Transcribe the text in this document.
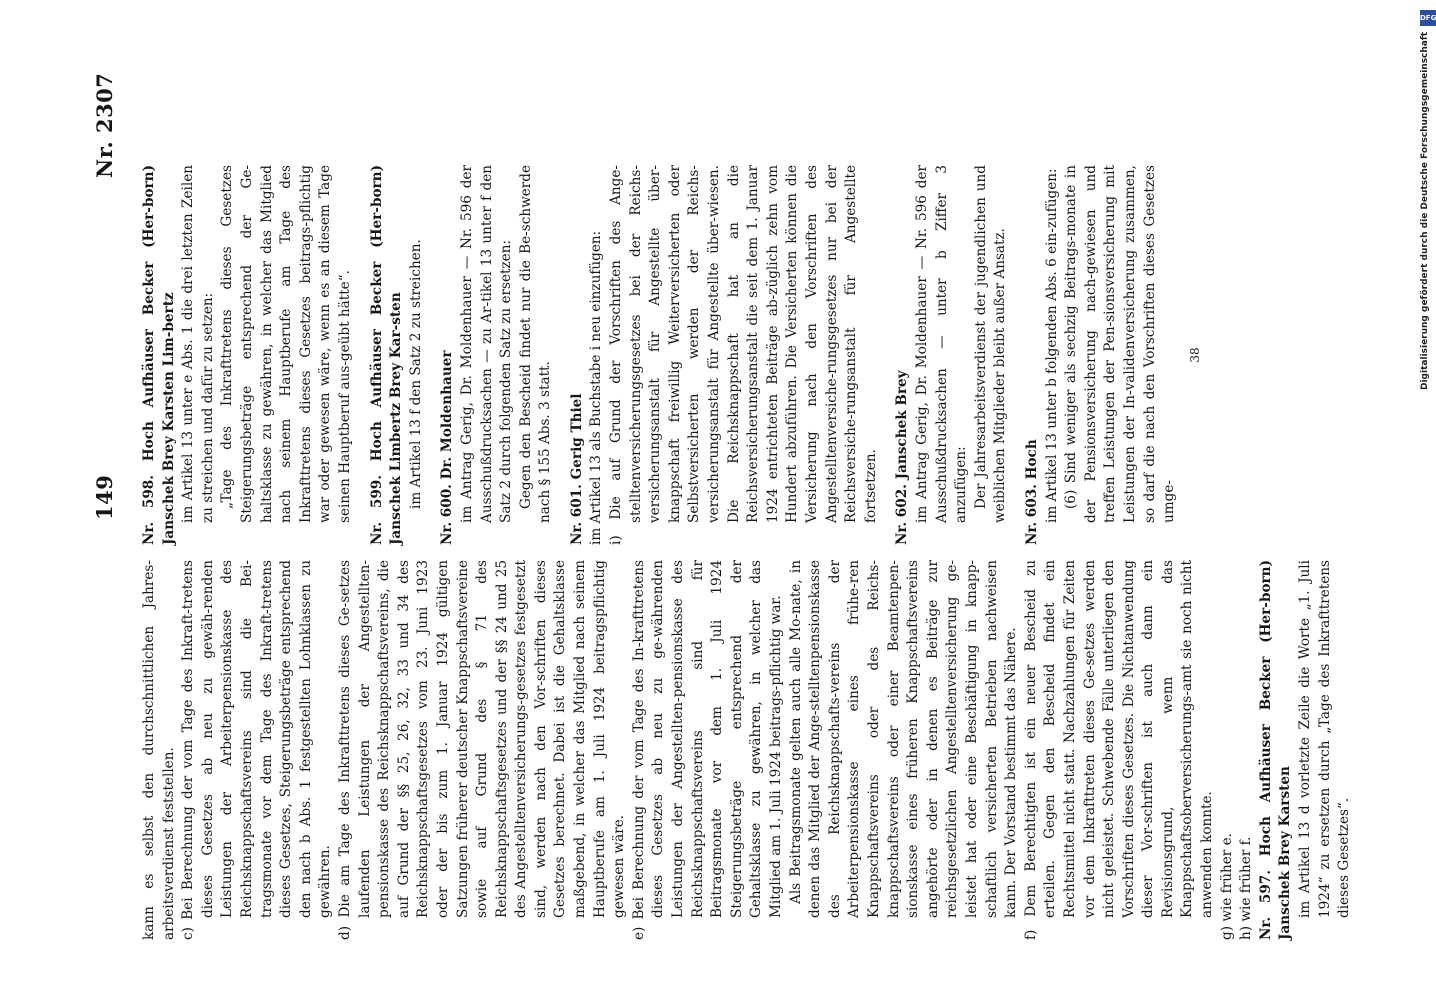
149
Nr. 2307

kann es selbst den durchschnittlichen Jahres-arbeitsverdienst feststellen. c) Bei Berechnung der vom Tage des Inkraft-tretens dieses Gesetzes ab neu zu gewäh-renden Leistungen der Arbeiterpensionskasse des Reichsknappschaftsvereins sind die Bei-tragsmonate vor dem Tage des Inkraft-tretens dieses Gesetzes, Steigerungsbeträge entsprechend den nach b Abs. 1 festgestellten Lohnklassen zu gewähren. d) Die am Tage des Inkrafttretens dieses Ge-setzes laufenden Leistungen der Angestellten-pensionskasse des Reichsknappschaftsvereins, die auf Grund der §§ 25, 26, 32, 33 und 34 des Reichsknappschaftsgesetzes vom 23. Juni 1923 oder der bis zum 1. Januar 1924 gültigen Satzungen früherer deutscher Knappschaftsvereine sowie auf Grund des § 71 des Reichsknappschaftsgesetzes und der §§ 24 und 25 des Angestelltenversicherungs-gesetzes festgesetzt sind, werden nach den Vor-schriften dieses Gesetzes berechnet. Dabei ist die Gehaltsklasse maßgebend, in welcher das Mitglied nach seinem Hauptberufe am 1. Juli 1924 beitragspflichtig gewesen wäre. e) Bei Berechnung der vom Tage des In-krafttretens dieses Gesetzes ab neu zu ge-währenden Leistungen der Angestellten-pensionskasse des Reichsknappschaftsvereins sind für Beitragsmonate vor dem 1. Juli 1924 Steigerungsbeträge entsprechend der Gehaltsklasse zu gewähren, in welcher das Mitglied am 1. Juli 1924 beitrags-pflichtig war. Als Beitragsmonate gelten auch alle Mo-nate, in denen das Mitglied der Ange-stelltenpensionskasse des Reichsknappschafts-vereins der Arbeiterpensionskasse eines frühe-ren Knappschaftsvereins oder des Reichs-knappschaftsvereins oder einer Beamtenpen-sionskasse eines früheren Knappschaftsvereins angehörte oder in denen es Beiträge zur reichsgesetzlichen Angestelltenversicherung ge-leistet hat oder eine Beschäftigung in knapp-schaftlich versicherten Betrieben nachweisen kann. Der Vorstand bestimmt das Nähere. f) Dem Berechtigten ist ein neuer Bescheid zu erteilen. Gegen den Bescheid findet ein Rechtsmittel nicht statt. Nachzahlungen für Zeiten vor dem Inkrafttreten dieses Ge-setzes werden nicht geleistet. Schwebende Fälle unterliegen den Vorschriften dieses Gesetzes. Die Nichtanwendung dieser Vor-schriften ist auch dann ein Revisionsgrund, wenn das Knappschaftsoberversicherungs-amt sie noch nicht anwenden konnte. g) wie früher e. h) wie früher f. Nr. 597. Hoch Aufhäuser Becker (Her-born) Janschek Brey Karsten im Artikel 13 d vorletzte Zeile die Worte „1. Juli 1924“ zu ersetzen durch „Tage des Inkrafttretens dieses Gesetzes“.

Nr. 598. Hoch Aufhäuser Becker (Her-born) Janschek Brey Karsten Lim-bertz im Artikel 13 unter e Abs. 1 die drei letzten Zeilen zu streichen und dafür zu setzen: „Tage des Inkrafttretens dieses Gesetzes Steigerungsbeträge entsprechend der Ge-haltsklasse zu gewähren, in welcher das Mitglied nach seinem Hauptberufe am Tage des Inkrafttretens dieses Gesetzes beitrags-pflichtig war oder gewesen wäre, wenn es an diesem Tage seinen Hauptberuf aus-geübt hätte“. Nr. 599. Hoch Aufhäuser Becker (Her-born) Janschek Limbertz Brey Kar-sten im Artikel 13 f den Satz 2 zu streichen. Nr. 600. Dr. Moldenhauer im Antrag Gerig, Dr. Moldenhauer — Nr. 596 der Ausschußdrucksachen — zu Ar-tikel 13 unter f den Satz 2 durch folgenden Satz zu ersetzen: Gegen den Bescheid findet nur die Be-schwerde nach § 155 Abs. 3 statt. Nr. 601. Gerig Thiel im Artikel 13 als Buchstabe i neu einzufügen: i) Die auf Grund der Vorschriften des Ange-stelltenversicherungsgesetzes bei der Reichs-versicherungsanstalt für Angestellte über-knappschaft freiwillig Weiterversicherten oder Selbstversicherten werden der Reichs-versicherungsanstalt für Angestellte über-wiesen. Die Reichsknappschaft hat an die Reichsversicherungsanstalt die seit dem 1. Januar 1924 entrichteten Beiträge ab-züglich zehn vom Hundert abzuführen. Die Versicherten können die Versicherung nach den Vorschriften des Angestelltenversiche-rungsgesetzes nur bei der Reichsversiche-rungsanstalt für Angestellte fortsetzen. Nr. 602. Janschek Brey im Antrag Gerig, Dr. Moldenhauer — Nr. 596 der Ausschußdrucksachen — unter b Ziffer 3 anzufügen: Der Jahresarbeitsverdienst der jugendlichen und weiblichen Mitglieder bleibt außer Ansatz. Nr. 603. Hoch im Artikel 13 unter b folgenden Abs. 6 ein-zufügen: (6) Sind weniger als sechzig Beitrags-monate in der Pensionsversicherung nach-gewiesen und treffen Leistungen der Pen-sionsversicherung mit Leistungen der In-validenversicherung zusammen, so darf die nach den Vorschriften dieses Gesetzes umge-

38

DFG
Digitalisierung gefördert durch die Deutsche Forschungsgemeinschaft
